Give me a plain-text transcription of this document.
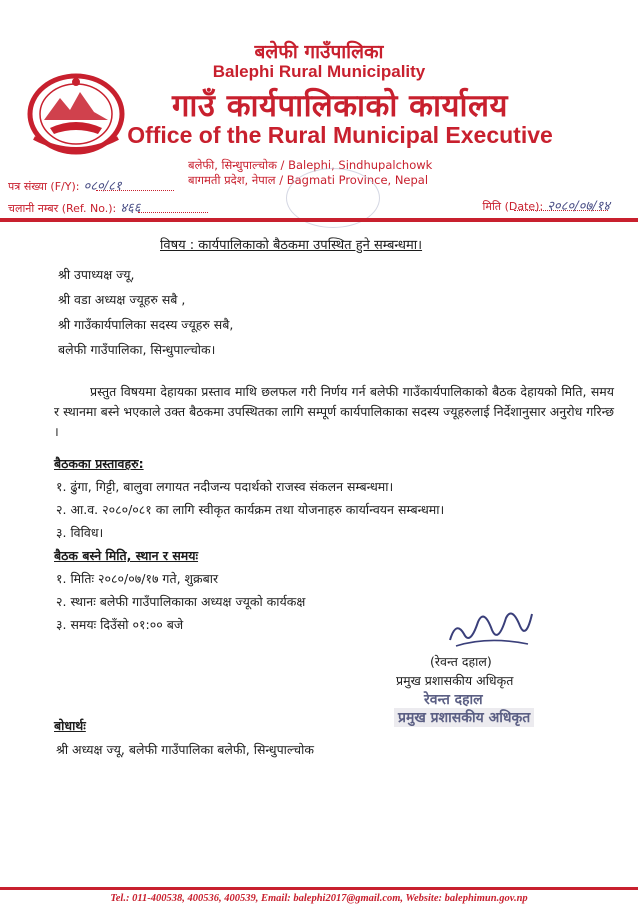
बलेफी गाउँपालिका
Balephi Rural Municipality
गाउँ कार्यपालिकाको कार्यालय
Office of the Rural Municipal Executive
बलेफी, सिन्धुपाल्चोक / Balephi, Sindhupalchowk
बागमती प्रदेश, नेपाल / Bagmati Province, Nepal
पत्र संख्या (F/Y): ०८०/८१
चलानी नम्बर (Ref. No.): ४६६	मिति (Date): २०८०/०७/१४
विषय : कार्यपालिकाको बैठकमा उपस्थित हुने सम्बन्धमा।
श्री उपाध्यक्ष ज्यू,
श्री वडा अध्यक्ष ज्यूहरु सबै ,
श्री गाउँकार्यपालिका सदस्य ज्यूहरु सबै,
बलेफी गाउँपालिका, सिन्धुपाल्चोक।
प्रस्तुत विषयमा देहायका प्रस्ताव माथि छलफल गरी निर्णय गर्न बलेफी गाउँकार्यपालिकाको बैठक देहायको मिति, समय र स्थानमा बस्ने भएकाले उक्त बैठकमा उपस्थितका लागि सम्पूर्ण कार्यपालिकाका सदस्य ज्यूहरुलाई निर्देशानुसार अनुरोध गरिन्छ ।
बैठकका प्रस्तावहरु:
१. ढुंगा, गिट्टी, बालुवा लगायत नदीजन्य पदार्थको राजस्व संकलन सम्बन्धमा।
२. आ.व. २०८०/०८१ का लागि स्वीकृत कार्यक्रम तथा योजनाहरु कार्यान्वयन सम्बन्धमा।
३. विविध।
बैठक बस्ने मिति, स्थान र समयः
१. मितिः २०८०/०७/१७ गते, शुक्रबार
२. स्थानः बलेफी गाउँपालिकाका अध्यक्ष ज्यूको कार्यकक्ष
३. समयः दिउँसो ०१:०० बजे
(रेवन्त दहाल)
प्रमुख प्रशासकीय अधिकृत
रेवन्त दहाल
प्रमुख प्रशासकीय अधिकृत
बोधार्थः
श्री अध्यक्ष ज्यू, बलेफी गाउँपालिका बलेफी, सिन्धुपाल्चोक
Tel.: 011-400538, 400536, 400539, Email: balephi2017@gmail.com, Website: balephimun.gov.np
